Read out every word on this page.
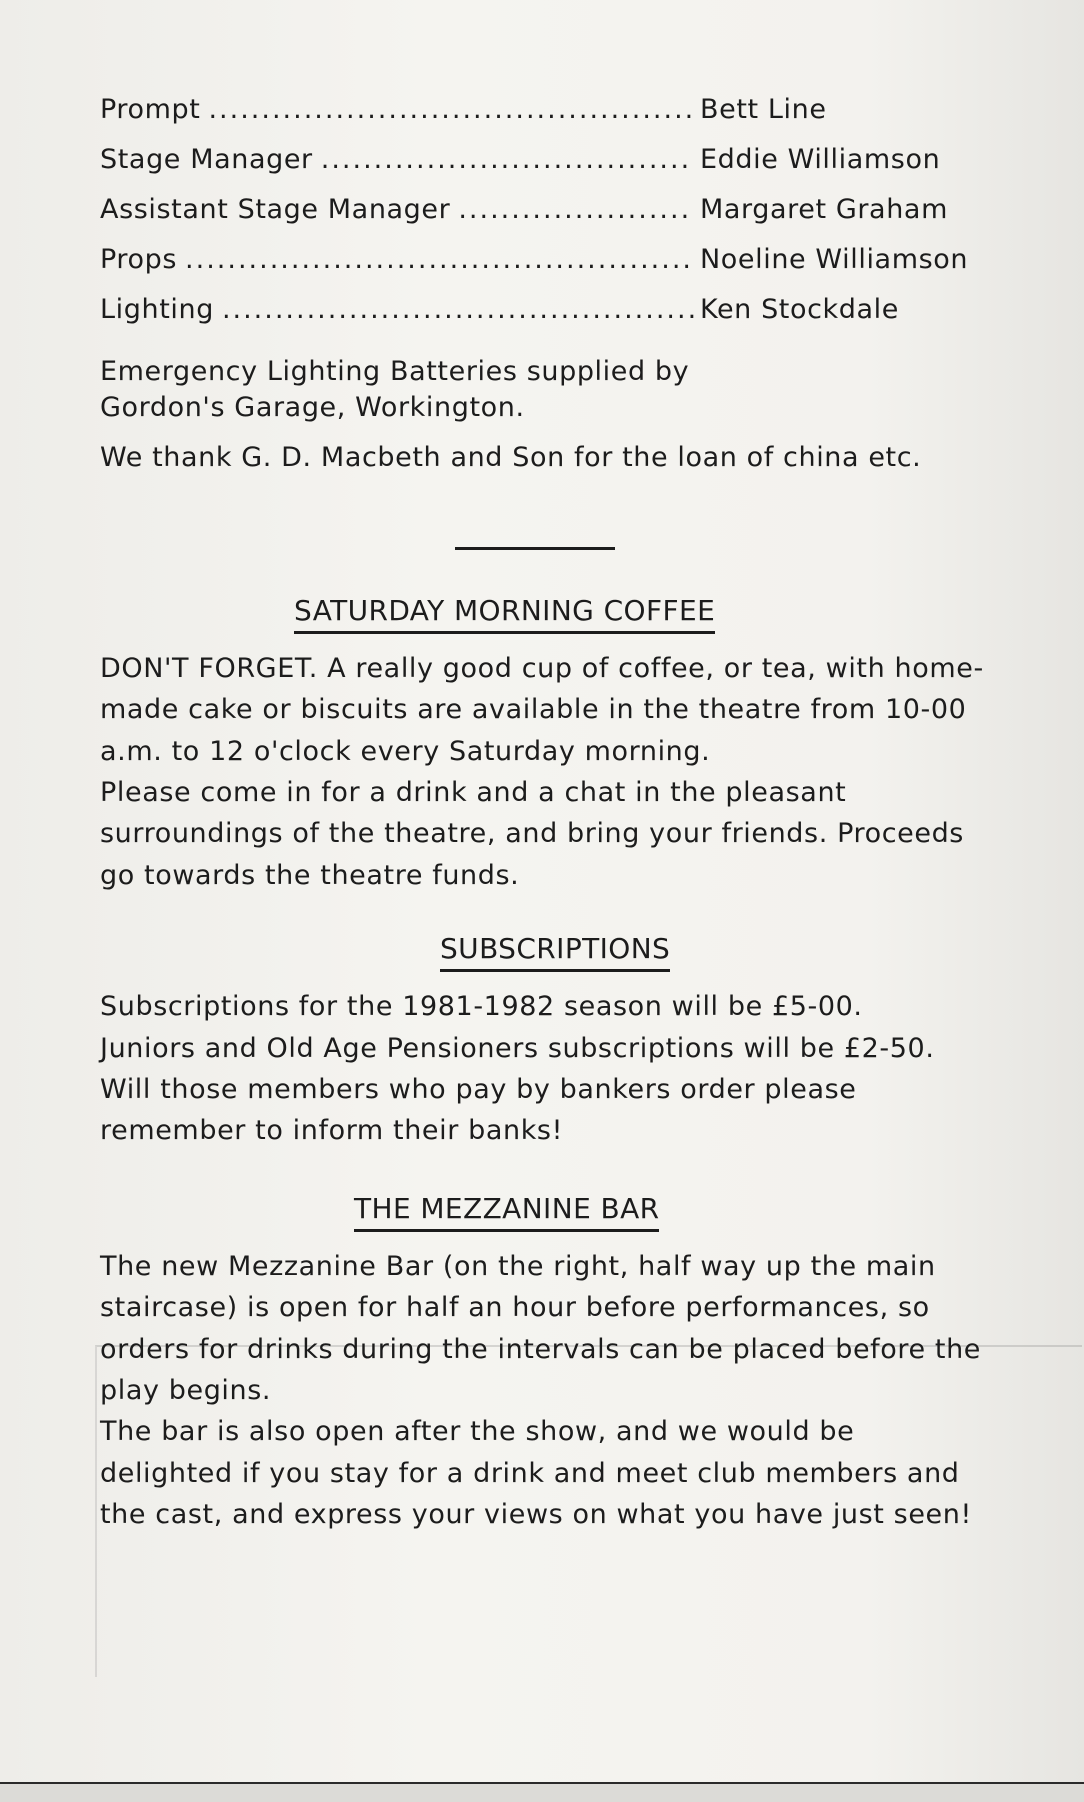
Prompt .....	Bett Line
Stage Manager .....	Eddie Williamson
Assistant Stage Manager .....	Margaret Graham
Props .....	Noeline Williamson
Lighting .....	Ken Stockdale

Emergency Lighting Batteries supplied by Gordon's Garage, Workington.

We thank G. D. Macbeth and Son for the loan of china etc.

SATURDAY MORNING COFFEE

DON'T FORGET. A really good cup of coffee, or tea, with home-made cake or biscuits are available in the theatre from 10-00 a.m. to 12 o'clock every Saturday morning.

Please come in for a drink and a chat in the pleasant surroundings of the theatre, and bring your friends. Proceeds go towards the theatre funds.

SUBSCRIPTIONS

Subscriptions for the 1981-1982 season will be £5-00.

Juniors and Old Age Pensioners subscriptions will be £2-50.

Will those members who pay by bankers order please remember to inform their banks!

THE MEZZANINE BAR

The new Mezzanine Bar (on the right, half way up the main staircase) is open for half an hour before performances, so orders for drinks during the intervals can be placed before the play begins.

The bar is also open after the show, and we would be delighted if you stay for a drink and meet club members and the cast, and express your views on what you have just seen!
